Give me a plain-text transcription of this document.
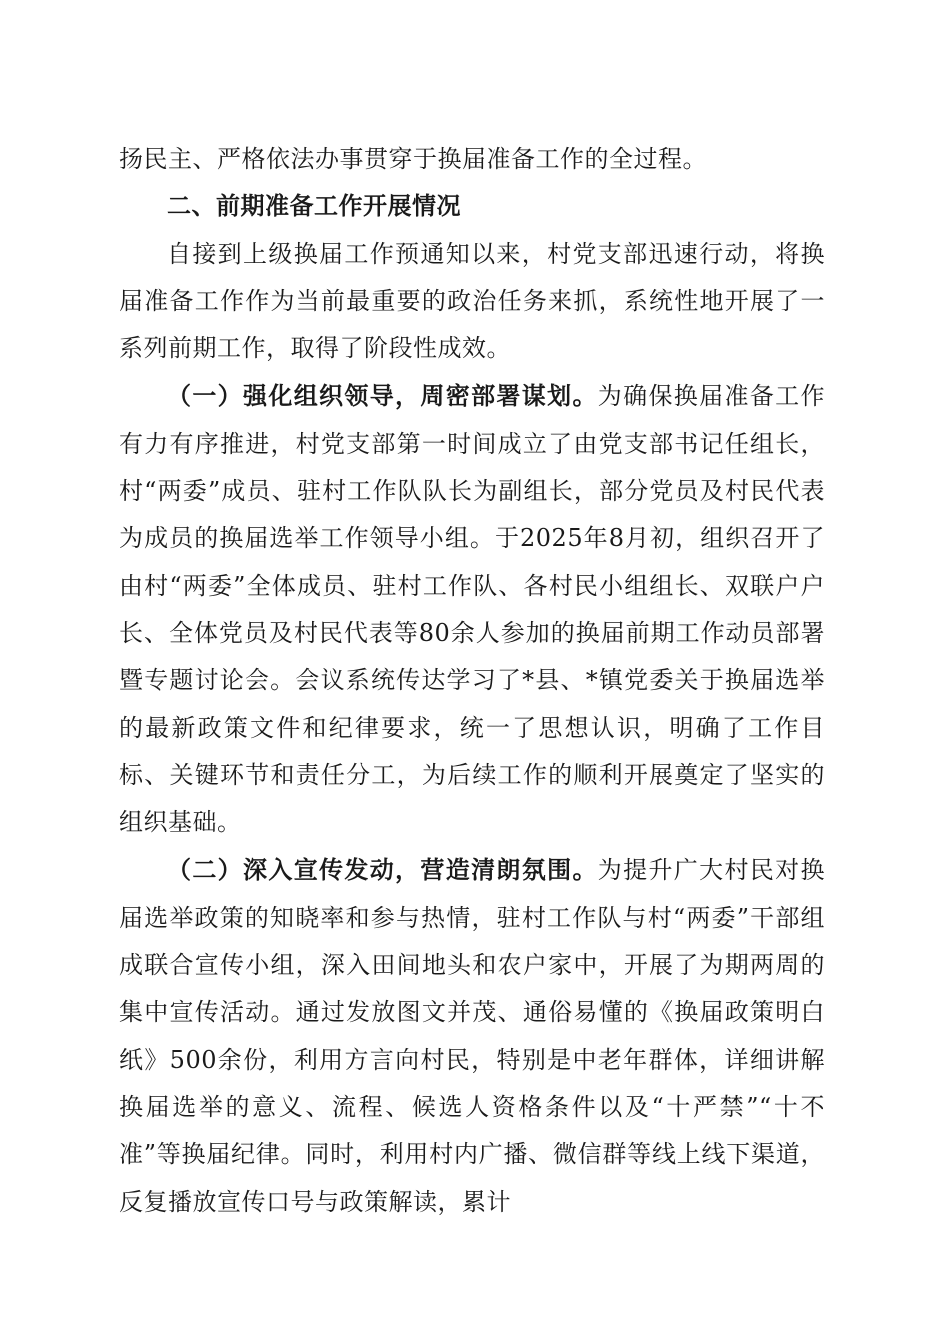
扬民主、严格依法办事贯穿于换届准备工作的全过程。

二、前期准备工作开展情况

自接到上级换届工作预通知以来，村党支部迅速行动，将换届准备工作作为当前最重要的政治任务来抓，系统性地开展了一系列前期工作，取得了阶段性成效。

（一）强化组织领导，周密部署谋划。为确保换届准备工作有力有序推进，村党支部第一时间成立了由党支部书记任组长，村“两委”成员、驻村工作队队长为副组长，部分党员及村民代表为成员的换届选举工作领导小组。于2025年8月初，组织召开了由村“两委”全体成员、驻村工作队、各村民小组组长、双联户户长、全体党员及村民代表等80余人参加的换届前期工作动员部署暨专题讨论会。会议系统传达学习了*县、*镇党委关于换届选举的最新政策文件和纪律要求，统一了思想认识，明确了工作目标、关键环节和责任分工，为后续工作的顺利开展奠定了坚实的组织基础。

（二）深入宣传发动，营造清朗氛围。为提升广大村民对换届选举政策的知晓率和参与热情，驻村工作队与村“两委”干部组成联合宣传小组，深入田间地头和农户家中，开展了为期两周的集中宣传活动。通过发放图文并茂、通俗易懂的《换届政策明白纸》500余份，利用方言向村民，特别是中老年群体，详细讲解换届选举的意义、流程、候选人资格条件以及“十严禁”“十不准”等换届纪律。同时，利用村内广播、微信群等线上线下渠道，反复播放宣传口号与政策解读，累计
